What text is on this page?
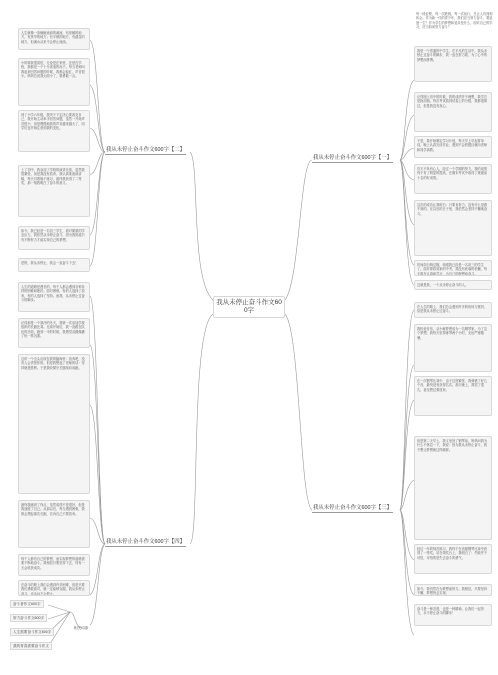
每一段征程，每一次跌倒，每一次前行，总让人有深刻体会。作为新一代的青少年，我们应当努力奋斗，要追逐一生？作为学生的梦想和追求是什么，面对自己的学习，应当如何努力奋斗？
我从未停止奋斗作文600字
我从未停止奋斗作文600字【二】
我从未停止奋斗作文600字【一】
我从未停止奋斗作文600字【四】
我从未停止奋斗作文600字【三】
人生就像一条蜿蜒流淌的溪流，有宽敞的地方，有狭窄的地方；有平缓的地方，有湍急的地方，但溪水从来不会停止流淌。
小时候我很害怕，无论是在家里，还是在学校，我都是一个十分害羞的孩子。每当老师叫我起来回答问题的时候，我都会脸红，声音很小。妈妈总说我太胆小了，要勇敢一点。
到了小学六年级，我终于下定决心要改变自己，我开始主动举手回答问题，虽然一开始声音很小，但是慢慢地我的声音越来越大了，同学们也开始注意到我的变化。
上了初中，我参加了学校的演讲比赛，虽然我很紧张，但是我没有放弃，我认真准备演讲稿，每天对着镜子练习，最终我获得了二等奖，那一刻我明白了奋斗的意义。
如今，我已经是一名初三学生，面对繁重的学业压力，我依然从未停止奋斗，因为我知道只有不断努力才能实现自己的梦想。
是的，我从未停止，我会一直奋斗下去！
人生的道路是漫长的，每个人都会遇到各种各样的困难和挫折。面对困难，有的人选择了放弃，有的人选择了坚持。而我，从未停止过奋斗的脚步。
记得那是一个寒冷的冬天，我第一次参加学校组织的长跑比赛。比赛开始后，我一直跟在队伍的后面，跑到一半的时候，我感觉双腿像灌了铅一样沉重。
这时一个念头出现在我的脑海里：放弃吧，没有人会责怪你的。但是我想起了老师的话：坚持就是胜利。于是我咬紧牙关继续向前跑。
最终我跑到了终点，虽然成绩不是很好，但是我战胜了自己。从那以后，每当遇到困难，我都会想起那次长跑，告诉自己不要放弃。
每个人都有自己的梦想，而实现梦想的道路需要不断地奋斗。我相信只要坚持下去，终有一天会收获成功。
在奋斗的路上我们会遇到许多困难，但是只要我们勇敢面对，就一定能够克服。我从未停止奋斗，也永远不会停止。
我是一个普通的中学生，在平凡的生活中，我从未停止过奋斗的脚步，我一直在努力着，为了心中的梦想而拼搏。
记得刚上初中的时候，我的成绩并不理想，数学总是拖后腿。每次考试看到试卷上的分数，我都很难过，但是我没有灰心。
于是，我开始制定学习计划，每天早上早起背单词，晚上认真完成作业，遇到不会的题目就向老师和同学请教。
功夫不负有心人，经过一个学期的努力，我的成绩终于有了明显的提高，在期末考试中取得了班级前十名的好成绩。
这次的成功让我明白：只要肯努力，没有什么是做不到的。在以后的日子里，我依然会坚持不懈地奋斗。
时间如白驹过隙，转眼我已经是一名初三的学生了。面对即将到来的中考，我没有丝毫的松懈，每天都在认真地学习，为自己的理想而奋斗。
这就是我，一个从未停止奋斗的人。
在人生的路上，我们总会遇到许多的坎坷与挫折，但是我从未停止过奋斗。
我热爱音乐，从小就梦想成为一名钢琴家。为了这个梦想，我每天坚持练琴两个小时，无论严寒酷暑。
在一次钢琴比赛中，由于过度紧张，我弹错了好几个音，最终没有获得名次。那天晚上，我哭了很久，甚至想过要放弃。
但是第二天早上，我又坐回了钢琴前。妈妈问我为什么不休息一下，我说：因为我从未停止奋斗，我不想让梦想就这样破碎。
经过一年的刻苦练习，我终于在省级钢琴比赛中获得了一等奖。站在领奖台上，我明白了：失败并不可怕，可怕的是失去奋斗的勇气。
如今，我仍然在为梦想而努力。我相信，只要坚持不懈，梦想终会实现。
奋斗是一种态度，也是一种精神。让我们一起努力，永不停止奋斗的脚步！
相关词条
奋斗者作文600字
努力奋斗作文600字
人生需要奋斗作文600字
我的青春需要奋斗作文
